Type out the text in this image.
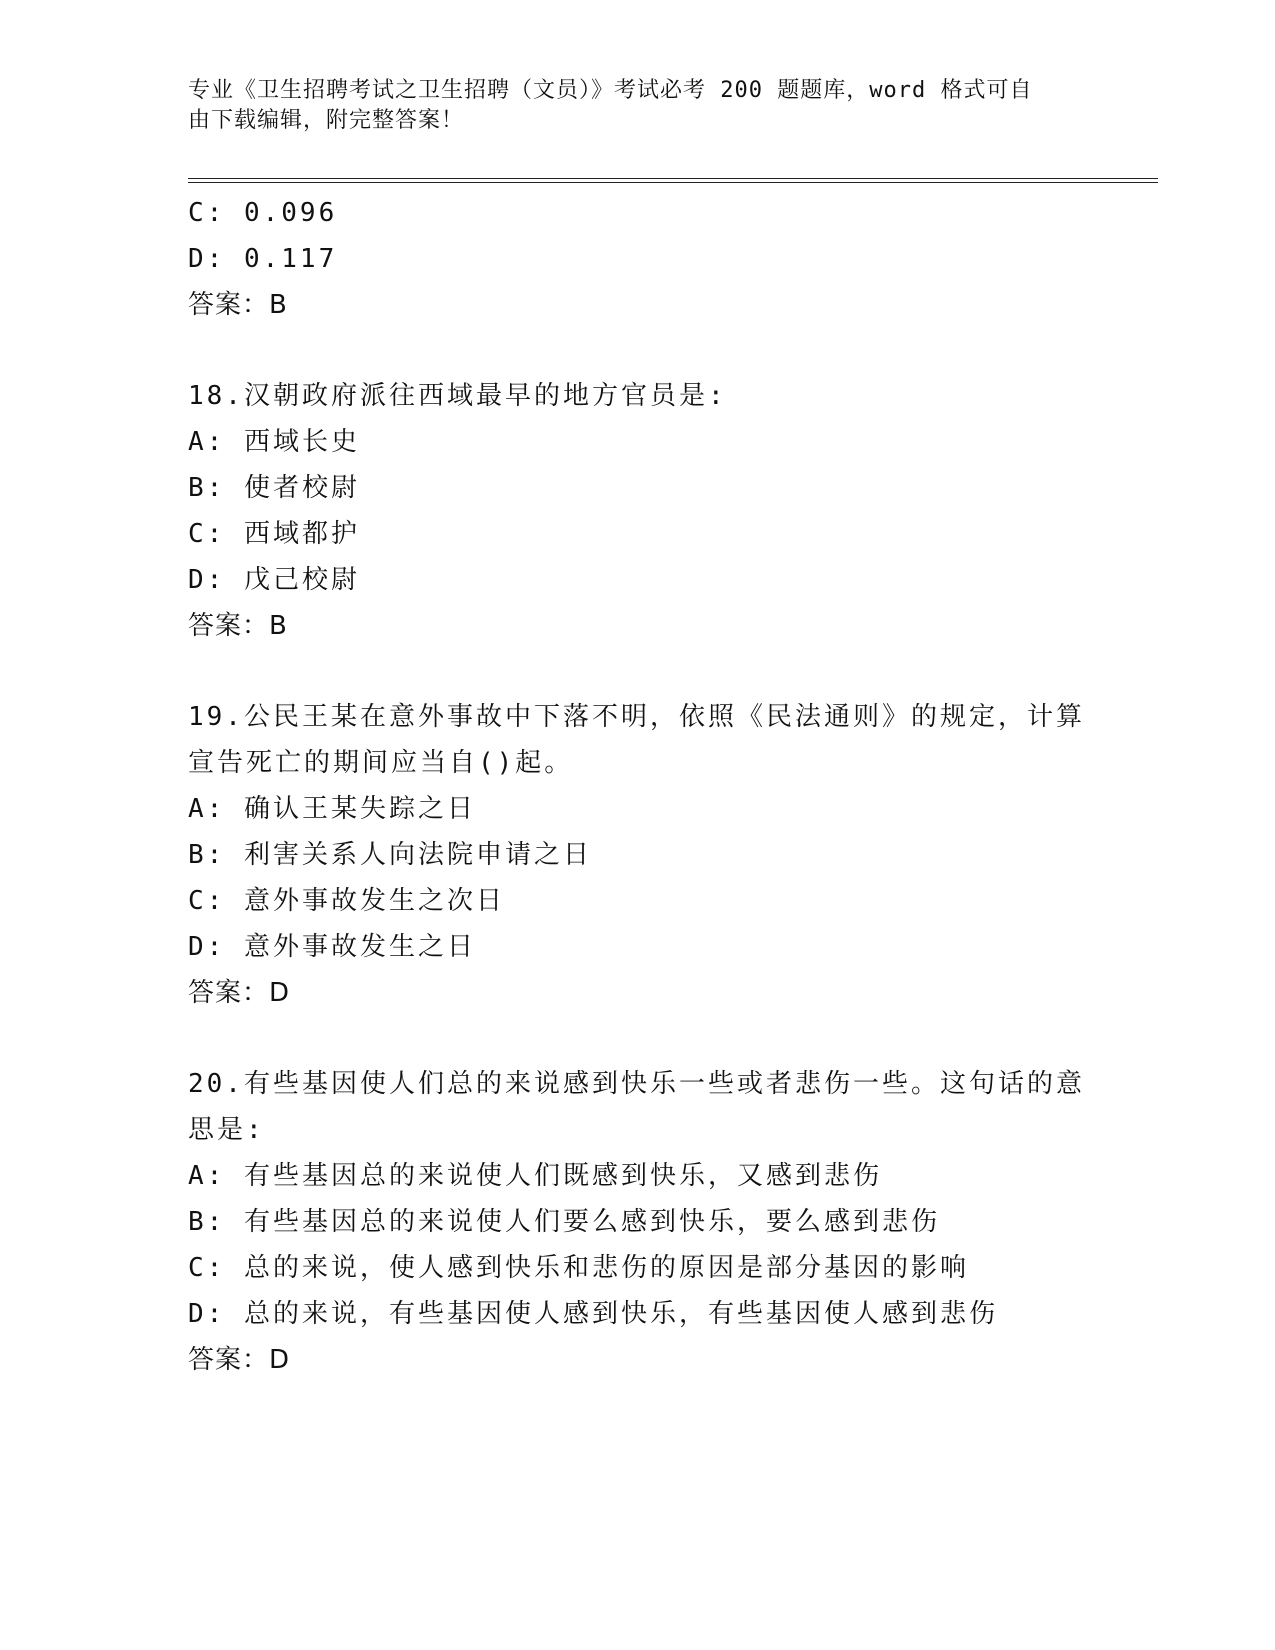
专业《卫生招聘考试之卫生招聘（文员）》考试必考 200 题题库，word 格式可自
由下载编辑，附完整答案！
C: 0.096
D: 0.117
答案：B
18.汉朝政府派往西域最早的地方官员是:
A: 西域长史
B: 使者校尉
C: 西域都护
D: 戊己校尉
答案：B
19.公民王某在意外事故中下落不明，依照《民法通则》的规定，计算
宣告死亡的期间应当自()起。
A: 确认王某失踪之日
B: 利害关系人向法院申请之日
C: 意外事故发生之次日
D: 意外事故发生之日
答案：D
20.有些基因使人们总的来说感到快乐一些或者悲伤一些。这句话的意
思是:
A: 有些基因总的来说使人们既感到快乐，又感到悲伤
B: 有些基因总的来说使人们要么感到快乐，要么感到悲伤
C: 总的来说，使人感到快乐和悲伤的原因是部分基因的影响
D: 总的来说，有些基因使人感到快乐，有些基因使人感到悲伤
答案：D
